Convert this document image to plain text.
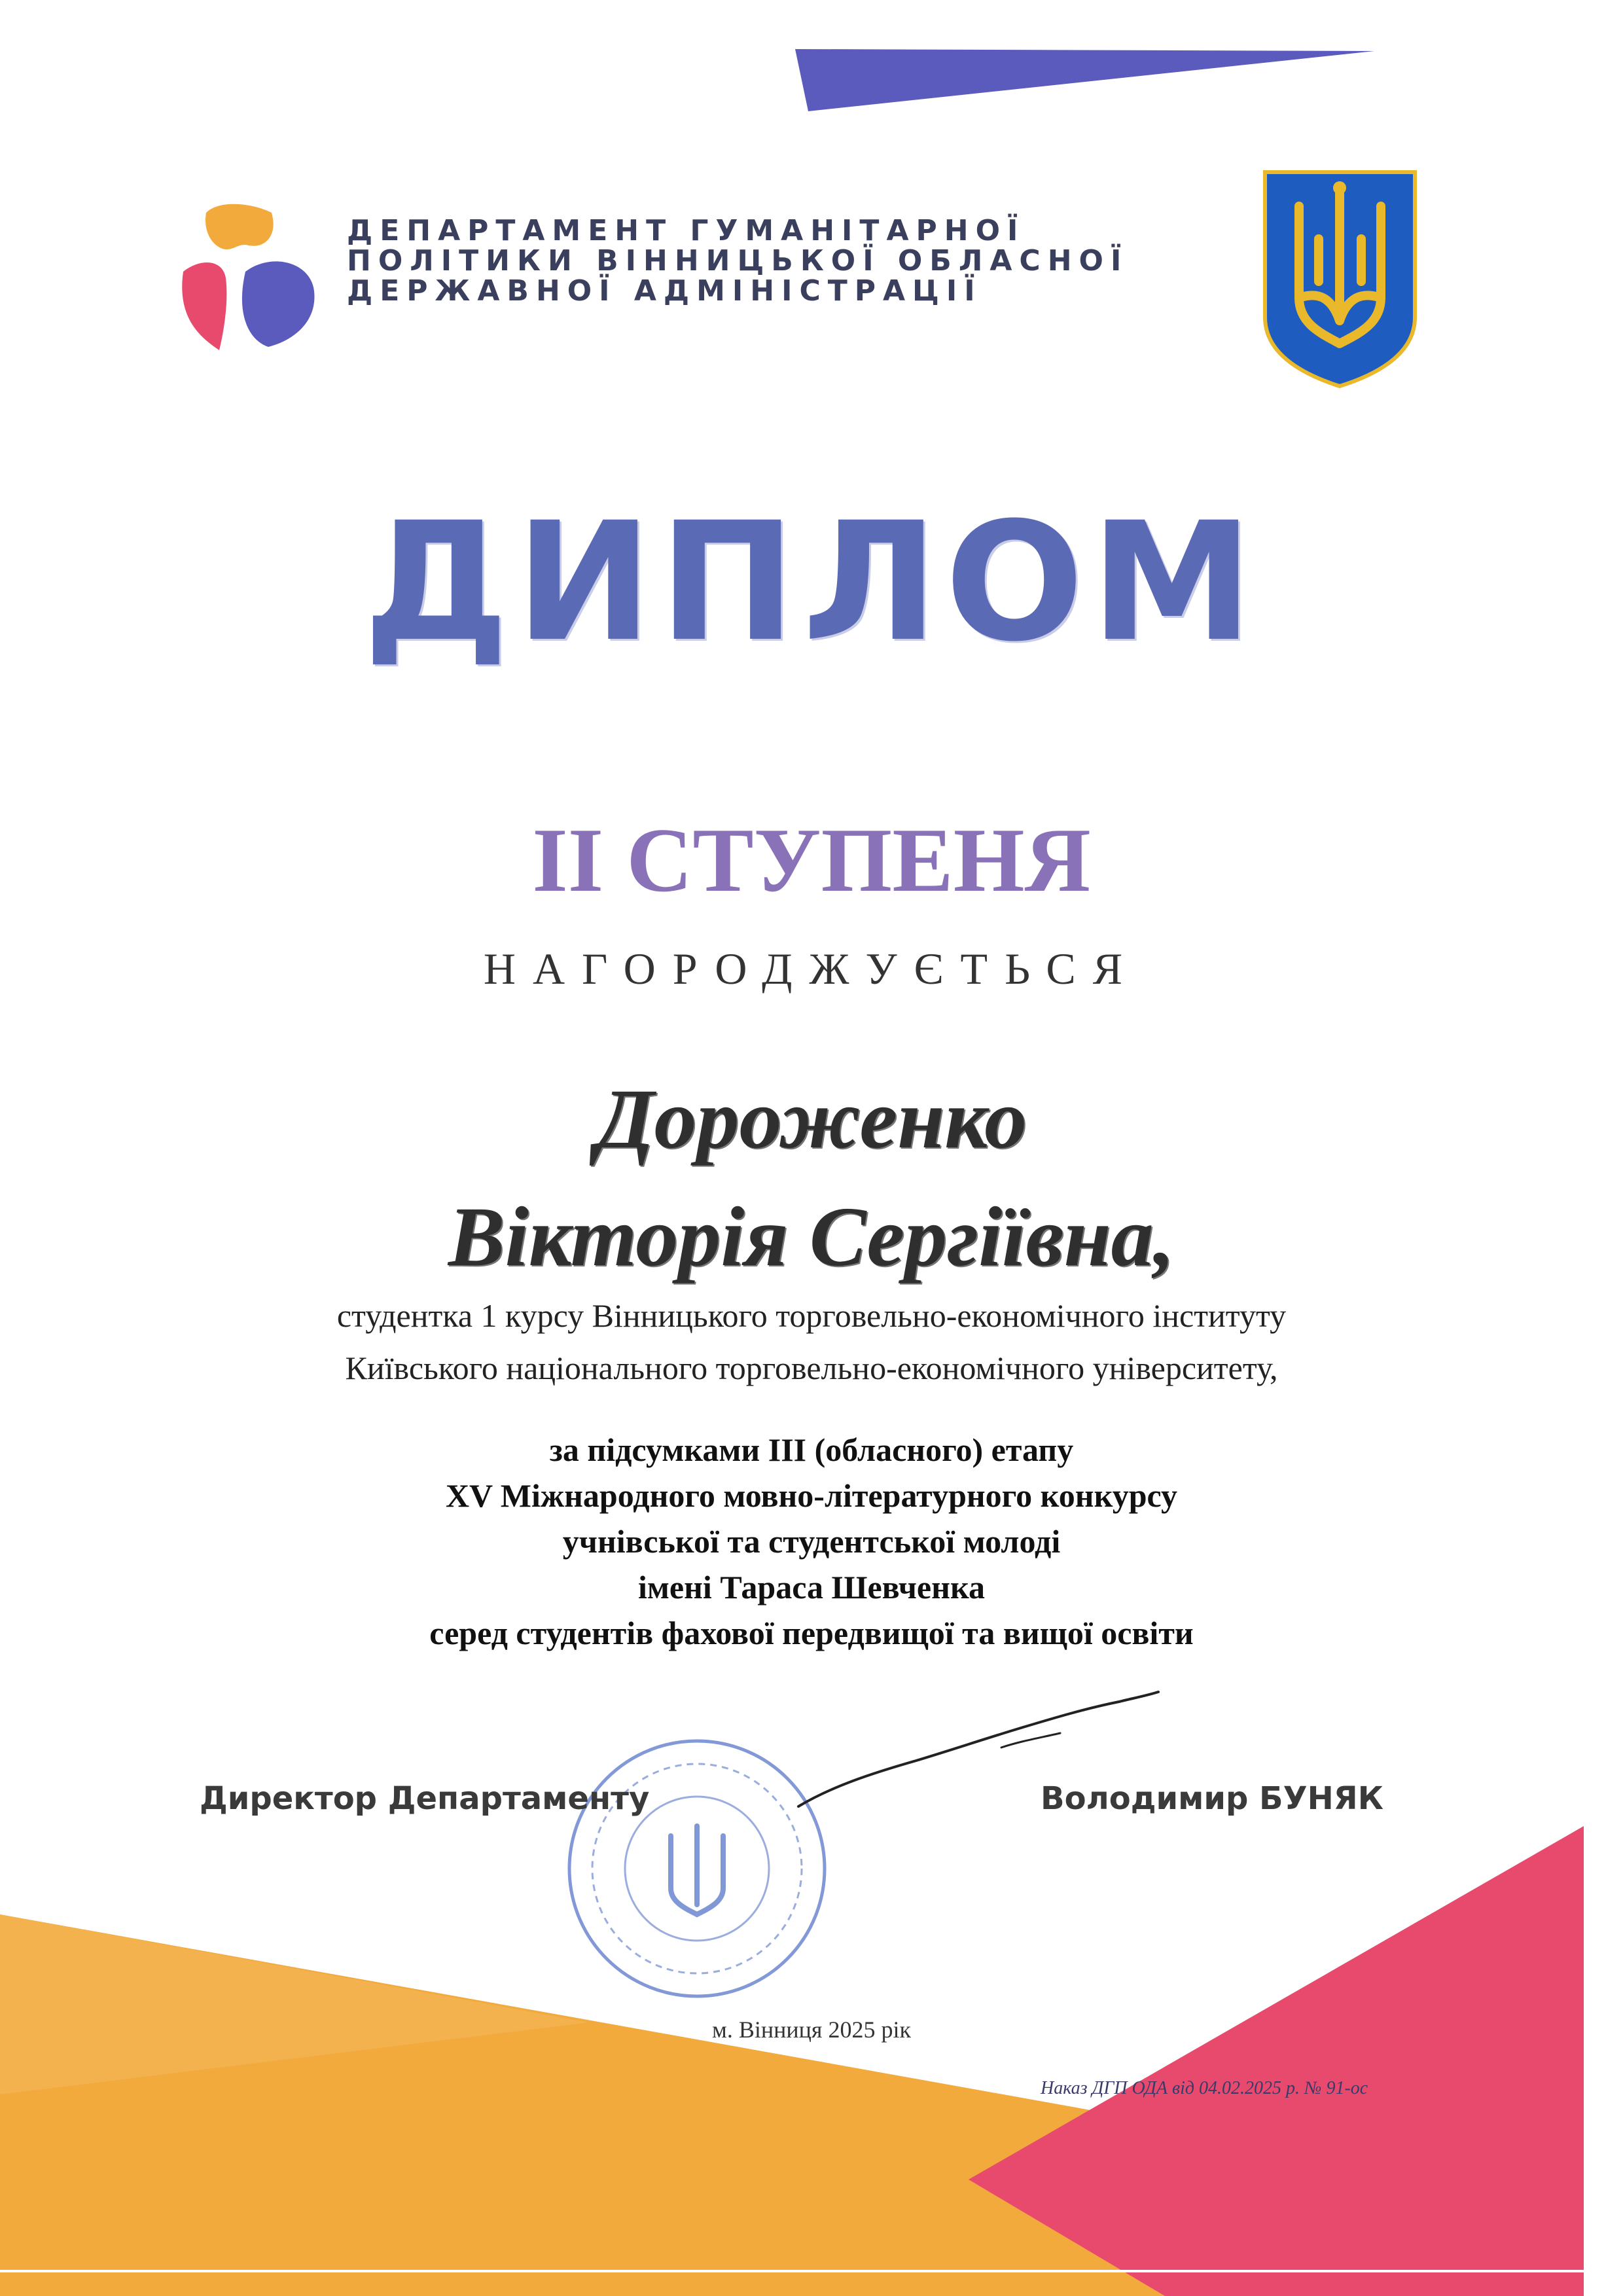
ДЕПАРТАМЕНТ ГУМАНІТАРНОЇ
ПОЛІТИКИ ВІННИЦЬКОЇ ОБЛАСНОЇ
ДЕРЖАВНОЇ АДМІНІСТРАЦІЇ
ДИПЛОМ
ІІ СТУПЕНЯ
НАГОРОДЖУЄТЬСЯ
Дороженко
Вікторія Сергіївна,
студентка 1 курсу Вінницького торговельно-економічного інституту
Київського національного торговельно-економічного університету,
за підсумками ІІІ (обласного) етапу
XV Міжнародного мовно-літературного конкурсу
учнівської та студентської молоді
імені Тараса Шевченка
серед студентів фахової передвищої та вищої освіти
Директор Департаменту	Володимир БУНЯК
м. Вінниця 2025 рік
Наказ ДГП ОДА від 04.02.2025 р. № 91-ос
